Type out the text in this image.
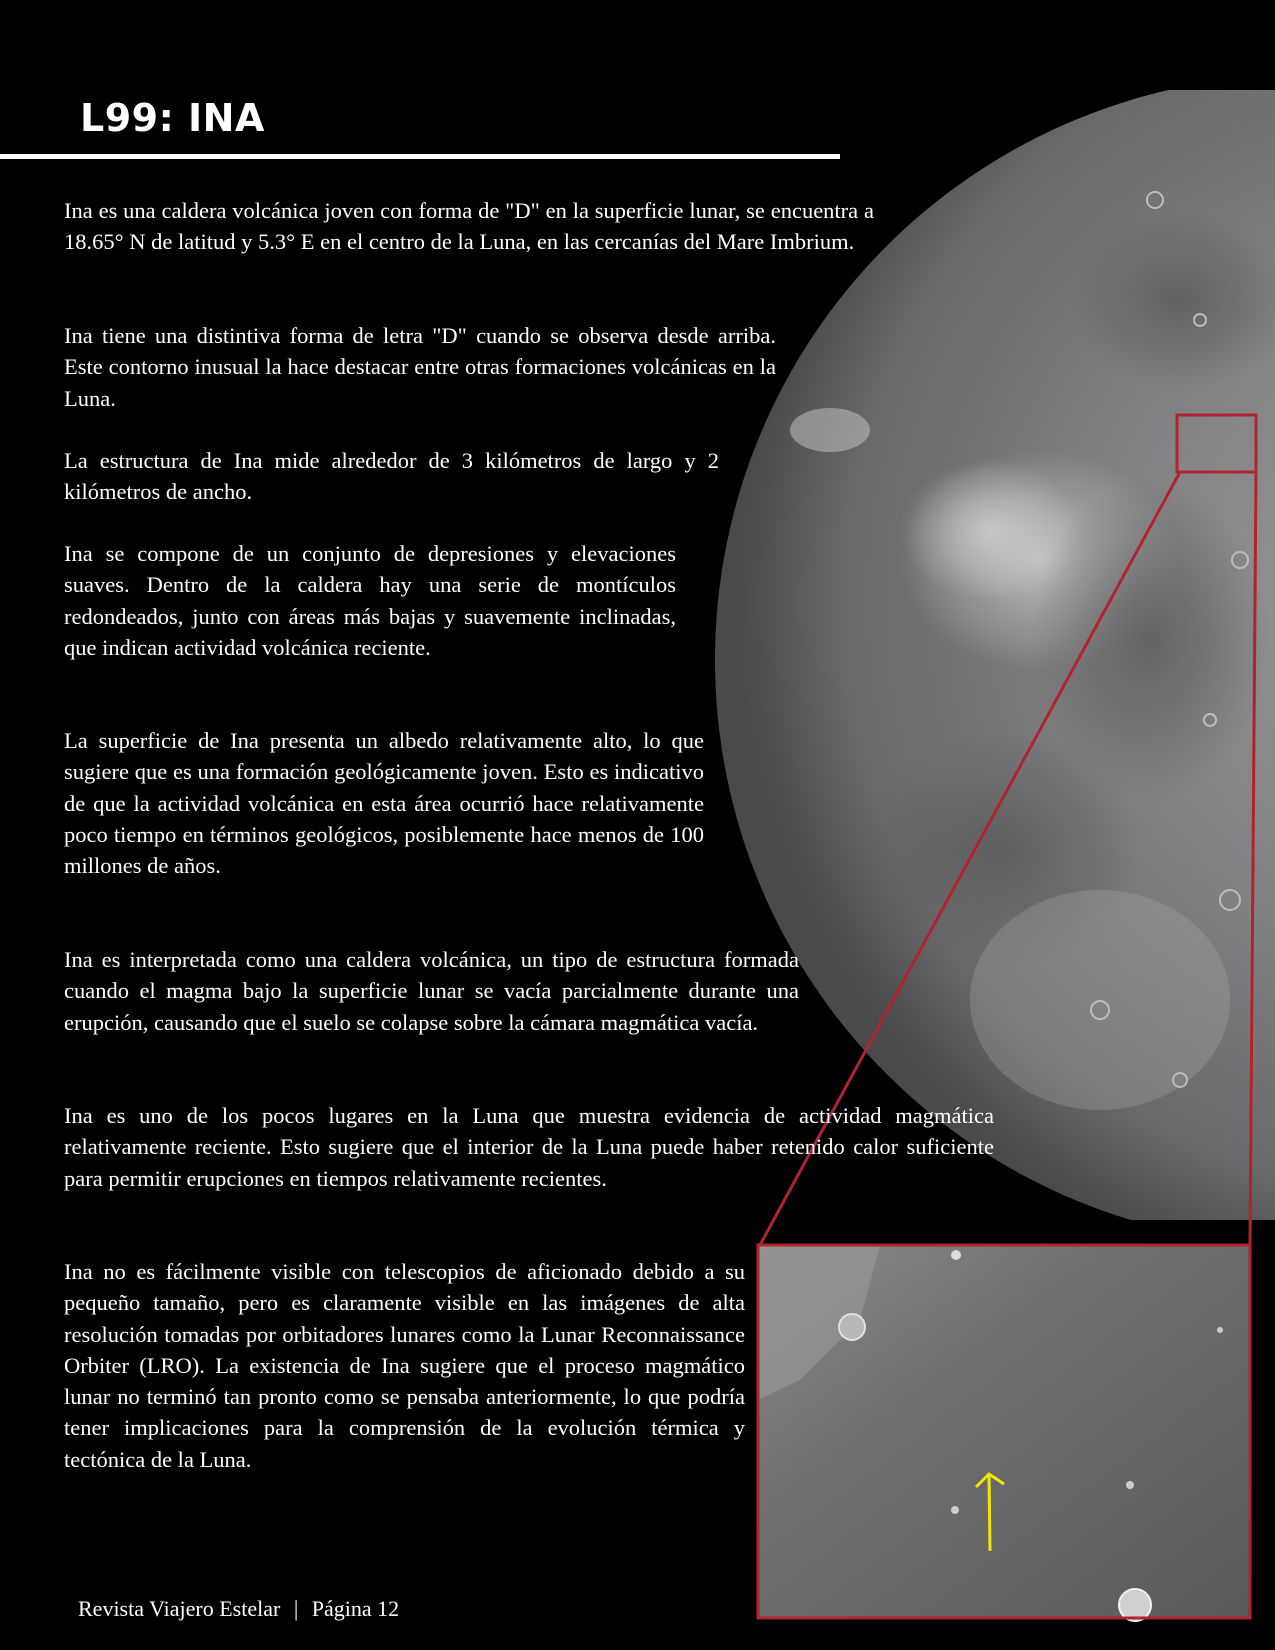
L99: INA

Ina es una caldera volcánica joven con forma de "D" en la superficie lunar, se encuentra a 18.65° N de latitud y 5.3° E en el centro de la Luna, en las cercanías del Mare Imbrium.

Ina tiene una distintiva forma de letra "D" cuando se observa desde arriba. Este contorno inusual la hace destacar entre otras formaciones volcánicas en la Luna.

La estructura de Ina mide alrededor de 3 kilómetros de largo y 2 kilómetros de ancho.

Ina se compone de un conjunto de depresiones y elevaciones suaves. Dentro de la caldera hay una serie de montículos redondeados, junto con áreas más bajas y suavemente inclinadas, que indican actividad volcánica reciente.

La superficie de Ina presenta un albedo relativamente alto, lo que sugiere que es una formación geológicamente joven. Esto es indicativo de que la actividad volcánica en esta área ocurrió hace relativamente poco tiempo en términos geológicos, posiblemente hace menos de 100 millones de años.

Ina es interpretada como una caldera volcánica, un tipo de estructura formada cuando el magma bajo la superficie lunar se vacía parcialmente durante una erupción, causando que el suelo se colapse sobre la cámara magmática vacía.

Ina es uno de los pocos lugares en la Luna que muestra evidencia de actividad magmática relativamente reciente. Esto sugiere que el interior de la Luna puede haber retenido calor suficiente para permitir erupciones en tiempos relativamente recientes.

Ina no es fácilmente visible con telescopios de aficionado debido a su pequeño tamaño, pero es claramente visible en las imágenes de alta resolución tomadas por orbitadores lunares como la Lunar Reconnaissance Orbiter (LRO). La existencia de Ina sugiere que el proceso magmático lunar no terminó tan pronto como se pensaba anteriormente, lo que podría tener implicaciones para la comprensión de la evolución térmica y tectónica de la Luna.

Revista Viajero Estelar | Página 12
